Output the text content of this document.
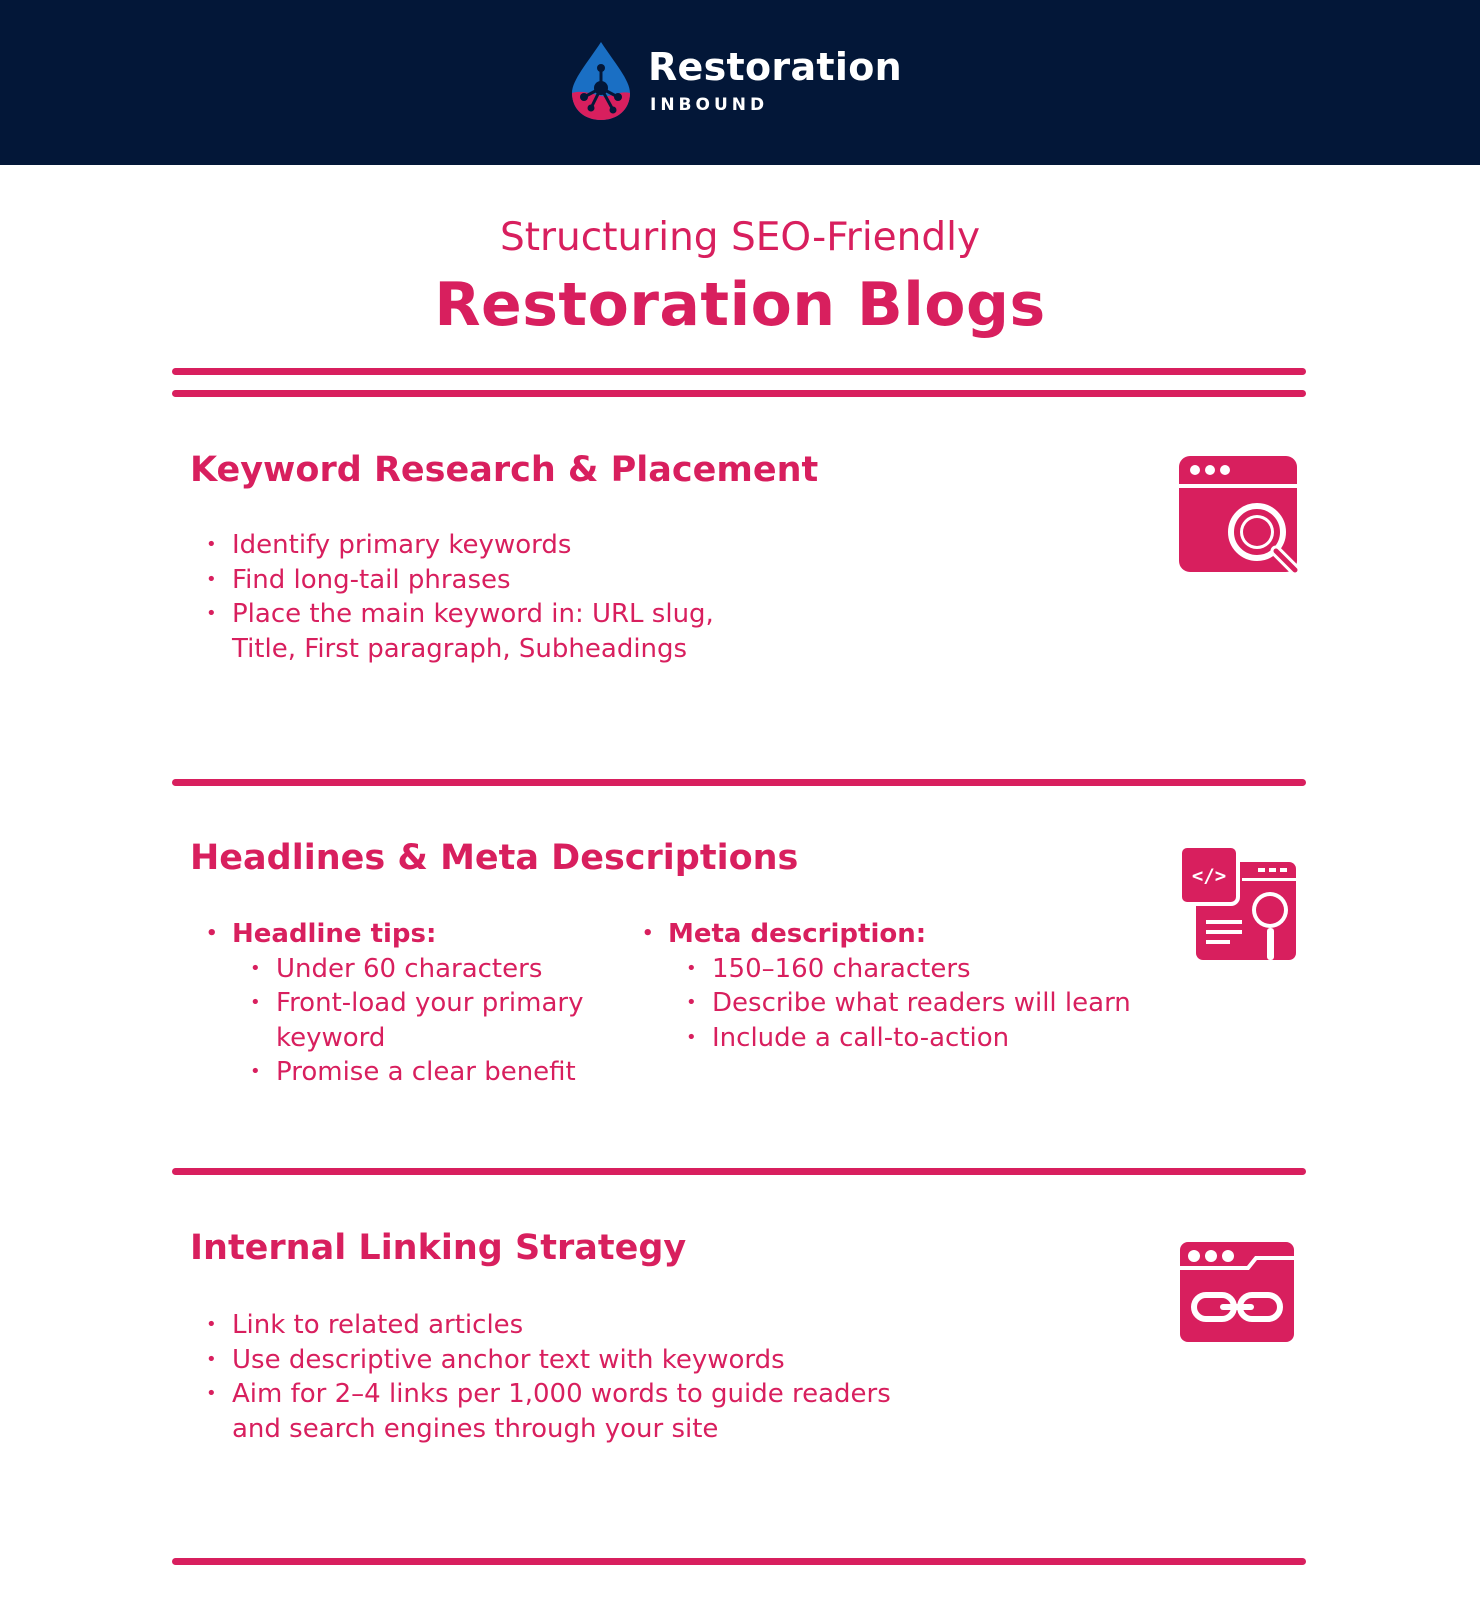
Restoration
INBOUND
Structuring SEO-Friendly
Restoration Blogs
Keyword Research & Placement
• Identify primary keywords
• Find long-tail phrases
• Place the main keyword in: URL slug, Title, First paragraph, Subheadings
Headlines & Meta Descriptions
• Headline tips:
• Under 60 characters
• Front-load your primary keyword
• Promise a clear benefit
• Meta description:
• 150–160 characters
• Describe what readers will learn
• Include a call-to-action
</>
Internal Linking Strategy
• Link to related articles
• Use descriptive anchor text with keywords
• Aim for 2–4 links per 1,000 words to guide readers and search engines through your site
